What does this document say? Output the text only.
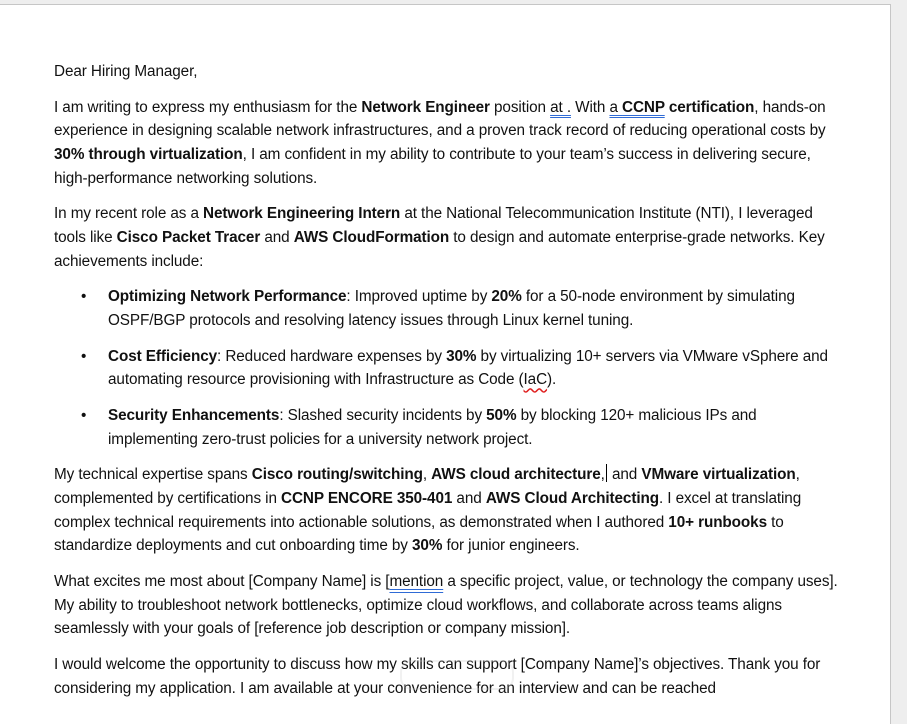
Dear Hiring Manager,

I am writing to express my enthusiasm for the Network Engineer position at . With a CCNP certification, hands-on experience in designing scalable network infrastructures, and a proven track record of reducing operational costs by 30% through virtualization, I am confident in my ability to contribute to your team’s success in delivering secure, high-performance networking solutions.

In my recent role as a Network Engineering Intern at the National Telecommunication Institute (NTI), I leveraged tools like Cisco Packet Tracer and AWS CloudFormation to design and automate enterprise-grade networks. Key achievements include:

• Optimizing Network Performance: Improved uptime by 20% for a 50-node environment by simulating OSPF/BGP protocols and resolving latency issues through Linux kernel tuning.
• Cost Efficiency: Reduced hardware expenses by 30% by virtualizing 10+ servers via VMware vSphere and automating resource provisioning with Infrastructure as Code (IaC).
• Security Enhancements: Slashed security incidents by 50% by blocking 120+ malicious IPs and implementing zero-trust policies for a university network project.

My technical expertise spans Cisco routing/switching, AWS cloud architecture, and VMware virtualization, complemented by certifications in CCNP ENCORE 350-401 and AWS Cloud Architecting. I excel at translating complex technical requirements into actionable solutions, as demonstrated when I authored 10+ runbooks to standardize deployments and cut onboarding time by 30% for junior engineers.

What excites me most about [Company Name] is [mention a specific project, value, or technology the company uses]. My ability to troubleshoot network bottlenecks, optimize cloud workflows, and collaborate across teams aligns seamlessly with your goals of [reference job description or company mission].

I would welcome the opportunity to discuss how my skills can support [Company Name]’s objectives. Thank you for considering my application. I am available at your convenience for an interview and can be reached
